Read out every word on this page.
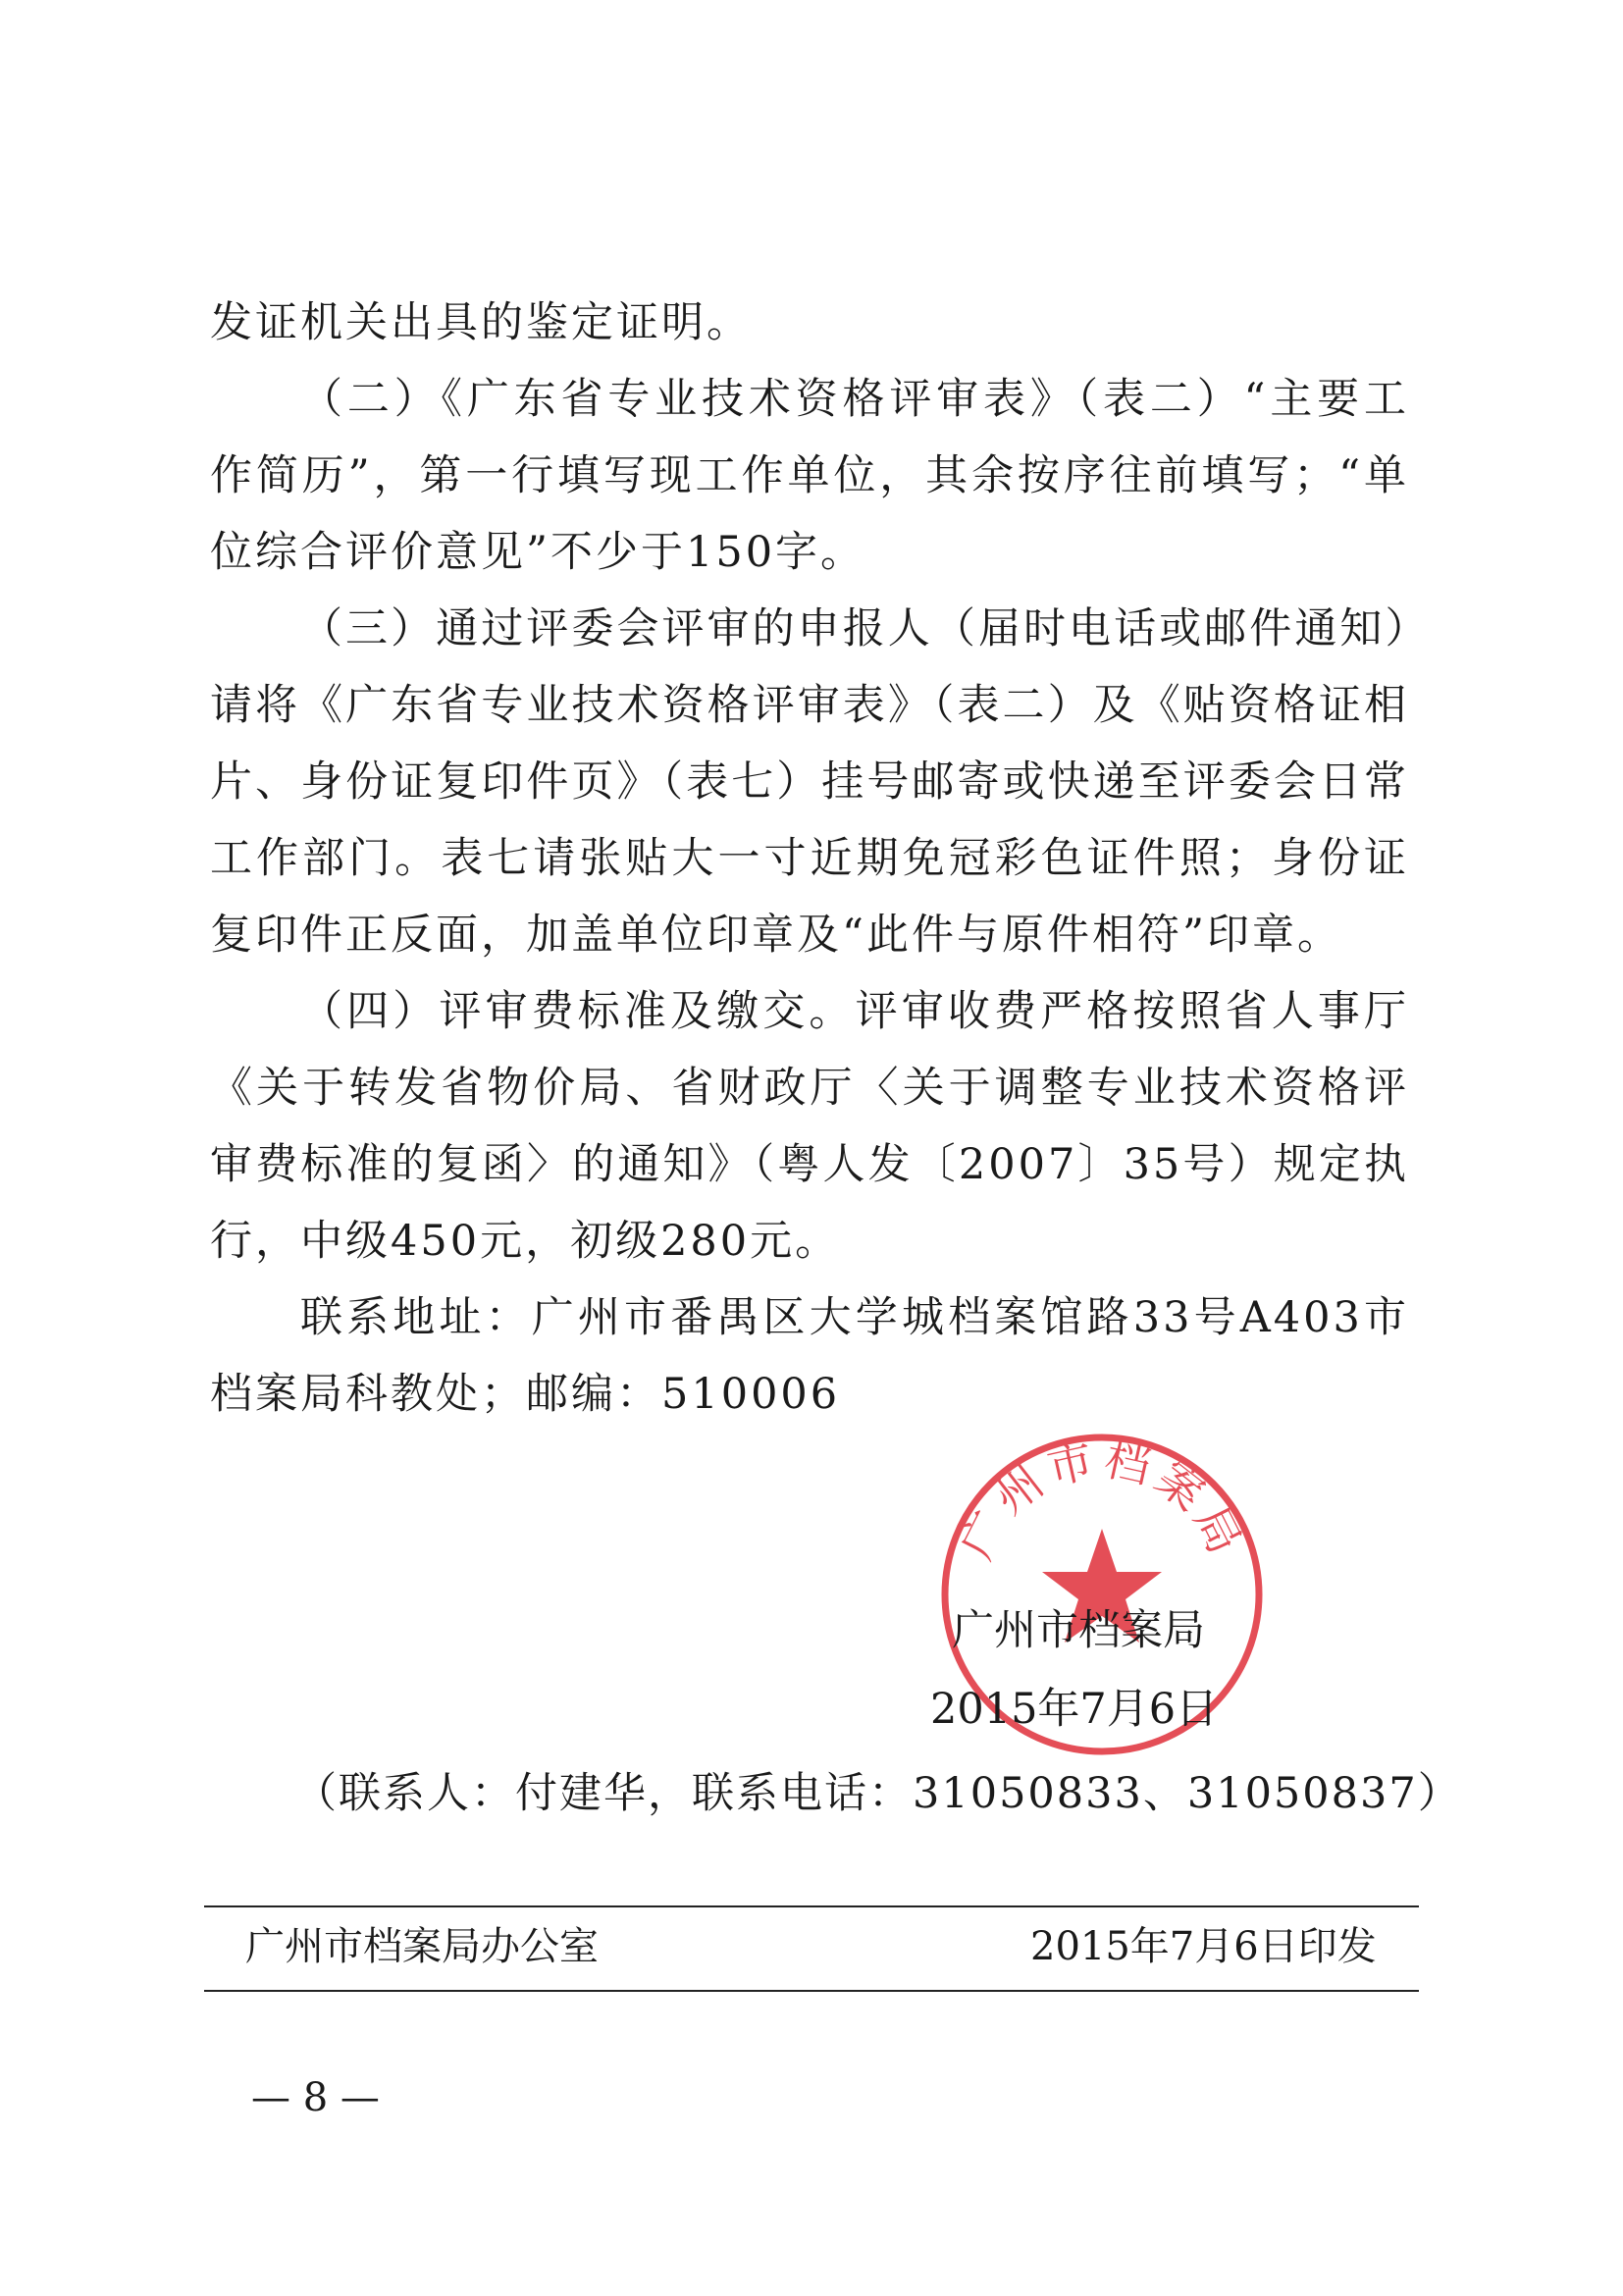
发证机关出具的鉴定证明。

（二）《广东省专业技术资格评审表》（表二）“主要工作简历”，第一行填写现工作单位，其余按序往前填写；“单位综合评价意见”不少于150字。

（三）通过评委会评审的申报人（届时电话或邮件通知）请将《广东省专业技术资格评审表》（表二）及《贴资格证相片、身份证复印件页》（表七）挂号邮寄或快递至评委会日常工作部门。表七请张贴大一寸近期免冠彩色证件照；身份证复印件正反面，加盖单位印章及“此件与原件相符”印章。

（四）评审费标准及缴交。评审收费严格按照省人事厅《关于转发省物价局、省财政厅〈关于调整专业技术资格评审费标准的复函〉的通知》（粤人发〔2007〕35号）规定执行，中级450元，初级280元。

联系地址：广州市番禺区大学城档案馆路33号A403市档案局科教处；邮编：510006

广州市档案局
广州市档案局
2015年7月6日
（联系人：付建华，联系电话：31050833、31050837）
广州市档案局办公室	2015年7月6日印发
— 8 —
